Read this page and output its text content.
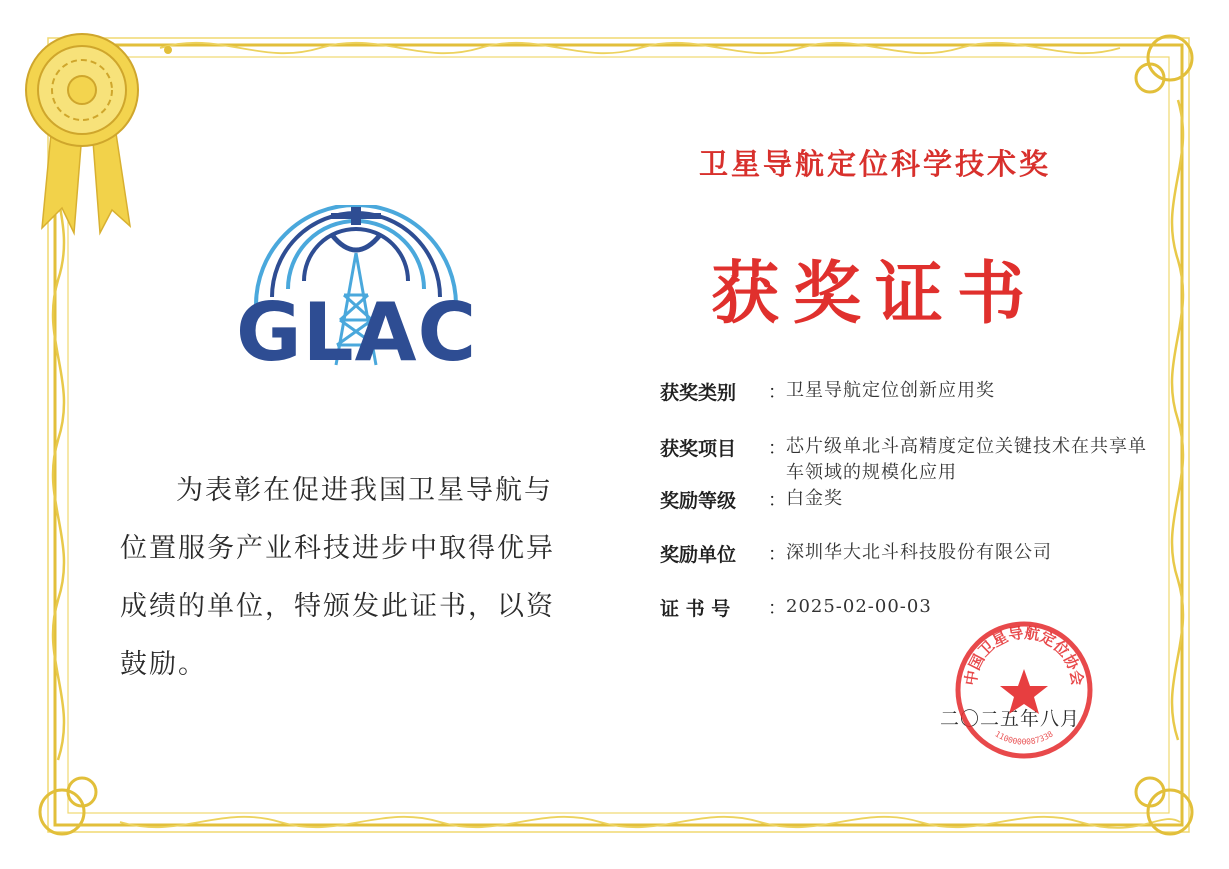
GLAC
卫星导航定位科学技术奖
获奖证书
为表彰在促进我国卫星导航与位置服务产业科技进步中取得优异成绩的单位，特颁发此证书，以资鼓励。
获奖类别	： 卫星导航定位创新应用奖
获奖项目	： 芯片级单北斗高精度定位关键技术在共享单车领域的规模化应用
奖励等级	： 白金奖
奖励单位	： 深圳华大北斗科技股份有限公司
证 书 号	： 2025-02-00-03
二〇二五年八月
中国卫星导航定位协会
1100000087338
